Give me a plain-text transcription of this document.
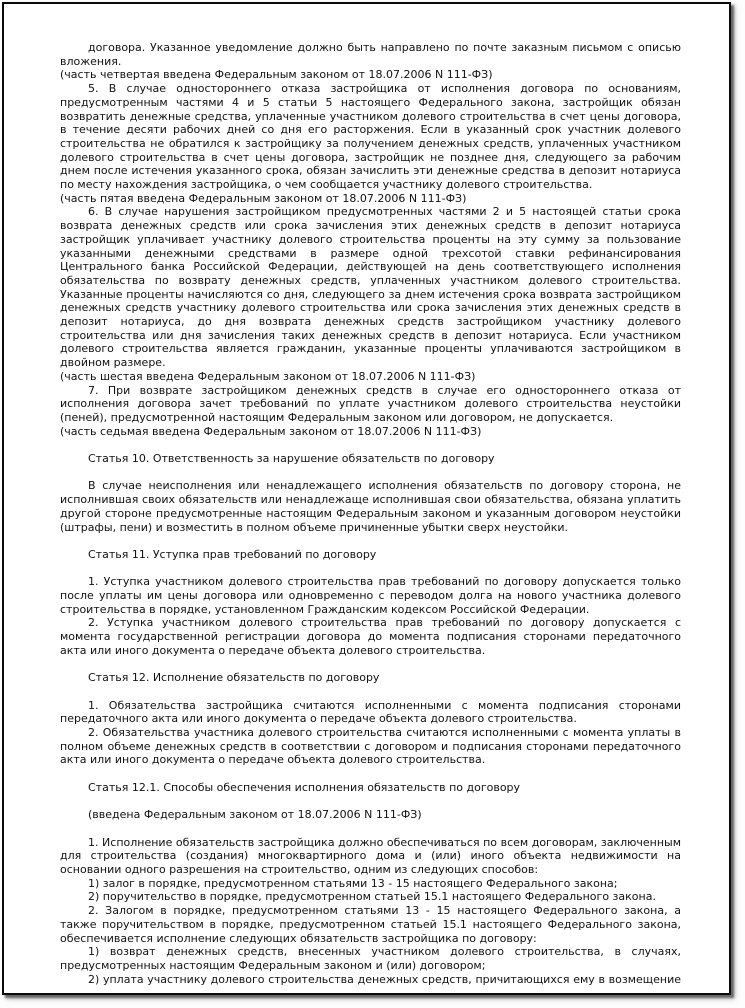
договора. Указанное уведомление должно быть направлено по почте заказным письмом с описью вложения.
(часть четвертая введена Федеральным законом от 18.07.2006 N 111-ФЗ)
5. В случае одностороннего отказа застройщика от исполнения договора по основаниям, предусмотренным частями 4 и 5 статьи 5 настоящего Федерального закона, застройщик обязан возвратить денежные средства, уплаченные участником долевого строительства в счет цены договора, в течение десяти рабочих дней со дня его расторжения. Если в указанный срок участник долевого строительства не обратился к застройщику за получением денежных средств, уплаченных участником долевого строительства в счет цены договора, застройщик не позднее дня, следующего за рабочим днем после истечения указанного срока, обязан зачислить эти денежные средства в депозит нотариуса по месту нахождения застройщика, о чем сообщается участнику долевого строительства.
(часть пятая введена Федеральным законом от 18.07.2006 N 111-ФЗ)
6. В случае нарушения застройщиком предусмотренных частями 2 и 5 настоящей статьи срока возврата денежных средств или срока зачисления этих денежных средств в депозит нотариуса застройщик уплачивает участнику долевого строительства проценты на эту сумму за пользование указанными денежными средствами в размере одной трехсотой ставки рефинансирования Центрального банка Российской Федерации, действующей на день соответствующего исполнения обязательства по возврату денежных средств, уплаченных участником долевого строительства. Указанные проценты начисляются со дня, следующего за днем истечения срока возврата застройщиком денежных средств участнику долевого строительства или срока зачисления этих денежных средств в депозит нотариуса, до дня возврата денежных средств застройщиком участнику долевого строительства или дня зачисления таких денежных средств в депозит нотариуса. Если участником долевого строительства является гражданин, указанные проценты уплачиваются застройщиком в двойном размере.
(часть шестая введена Федеральным законом от 18.07.2006 N 111-ФЗ)
7. При возврате застройщиком денежных средств в случае его одностороннего отказа от исполнения договора зачет требований по уплате участником долевого строительства неустойки (пеней), предусмотренной настоящим Федеральным законом или договором, не допускается.
(часть седьмая введена Федеральным законом от 18.07.2006 N 111-ФЗ)
Статья 10. Ответственность за нарушение обязательств по договору
В случае неисполнения или ненадлежащего исполнения обязательств по договору сторона, не исполнившая своих обязательств или ненадлежаще исполнившая свои обязательства, обязана уплатить другой стороне предусмотренные настоящим Федеральным законом и указанным договором неустойки (штрафы, пени) и возместить в полном объеме причиненные убытки сверх неустойки.
Статья 11. Уступка прав требований по договору
1. Уступка участником долевого строительства прав требований по договору допускается только после уплаты им цены договора или одновременно с переводом долга на нового участника долевого строительства в порядке, установленном Гражданским кодексом Российской Федерации.
2. Уступка участником долевого строительства прав требований по договору допускается с момента государственной регистрации договора до момента подписания сторонами передаточного акта или иного документа о передаче объекта долевого строительства.
Статья 12. Исполнение обязательств по договору
1. Обязательства застройщика считаются исполненными с момента подписания сторонами передаточного акта или иного документа о передаче объекта долевого строительства.
2. Обязательства участника долевого строительства считаются исполненными с момента уплаты в полном объеме денежных средств в соответствии с договором и подписания сторонами передаточного акта или иного документа о передаче объекта долевого строительства.
Статья 12.1. Способы обеспечения исполнения обязательств по договору
(введена Федеральным законом от 18.07.2006 N 111-ФЗ)
1. Исполнение обязательств застройщика должно обеспечиваться по всем договорам, заключенным для строительства (создания) многоквартирного дома и (или) иного объекта недвижимости на основании одного разрешения на строительство, одним из следующих способов:
1) залог в порядке, предусмотренном статьями 13 - 15 настоящего Федерального закона;
2) поручительство в порядке, предусмотренном статьей 15.1 настоящего Федерального закона.
2. Залогом в порядке, предусмотренном статьями 13 - 15 настоящего Федерального закона, а также поручительством в порядке, предусмотренном статьей 15.1 настоящего Федерального закона, обеспечивается исполнение следующих обязательств застройщика по договору:
1) возврат денежных средств, внесенных участником долевого строительства, в случаях, предусмотренных настоящим Федеральным законом и (или) договором;
2) уплата участнику долевого строительства денежных средств, причитающихся ему в возмещение
